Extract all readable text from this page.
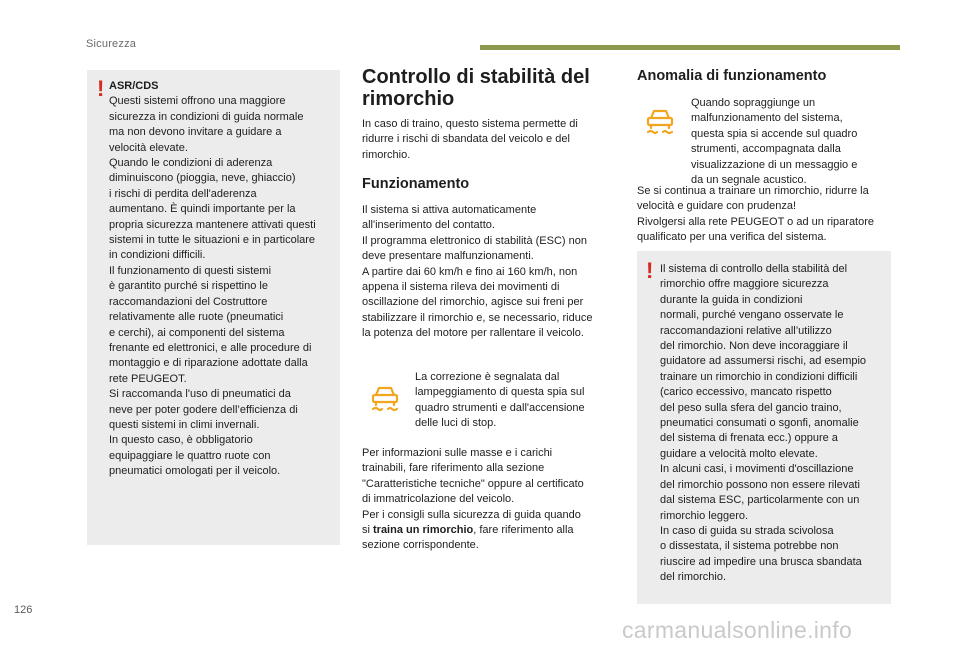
Sicurezza
! ASR/CDS
Questi sistemi offrono una maggiore
sicurezza in condizioni di guida normale
ma non devono invitare a guidare a
velocità elevate.
Quando le condizioni di aderenza
diminuiscono (pioggia, neve, ghiaccio)
i rischi di perdita dell'aderenza
aumentano. È quindi importante per la
propria sicurezza mantenere attivati questi
sistemi in tutte le situazioni e in particolare
in condizioni difficili.
Il funzionamento di questi sistemi
è garantito purché si rispettino le
raccomandazioni del Costruttore
relativamente alle ruote (pneumatici
e cerchi), ai componenti del sistema
frenante ed elettronici, e alle procedure di
montaggio e di riparazione adottate dalla
rete PEUGEOT.
Si raccomanda l'uso di pneumatici da
neve per poter godere dell’efficienza di
questi sistemi in climi invernali.
In questo caso, è obbligatorio
equipaggiare le quattro ruote con
pneumatici omologati per il veicolo.
Controllo di stabilità del
rimorchio
In caso di traino, questo sistema permette di
ridurre i rischi di sbandata del veicolo e del
rimorchio.
Funzionamento
Il sistema si attiva automaticamente
all'inserimento del contatto.
Il programma elettronico di stabilità (ESC) non
deve presentare malfunzionamenti.
A partire dai 60 km/h e fino ai 160 km/h, non
appena il sistema rileva dei movimenti di
oscillazione del rimorchio, agisce sui freni per
stabilizzare il rimorchio e, se necessario, riduce
la potenza del motore per rallentare il veicolo.
La correzione è segnalata dal
lampeggiamento di questa spia sul
quadro strumenti e dall'accensione
delle luci di stop.
Per informazioni sulle masse e i carichi
trainabili, fare riferimento alla sezione
"Caratteristiche tecniche" oppure al certificato
di immatricolazione del veicolo.
Per i consigli sulla sicurezza di guida quando
si traina un rimorchio, fare riferimento alla
sezione corrispondente.
Anomalia di funzionamento
Quando sopraggiunge un
malfunzionamento del sistema,
questa spia si accende sul quadro
strumenti, accompagnata dalla
visualizzazione di un messaggio e
da un segnale acustico.
Se si continua a trainare un rimorchio, ridurre la
velocità e guidare con prudenza!
Rivolgersi alla rete PEUGEOT o ad un riparatore
qualificato per una verifica del sistema.
! Il sistema di controllo della stabilità del
rimorchio offre maggiore sicurezza
durante la guida in condizioni
normali, purché vengano osservate le
raccomandazioni relative all’utilizzo
del rimorchio. Non deve incoraggiare il
guidatore ad assumersi rischi, ad esempio
trainare un rimorchio in condizioni difficili
(carico eccessivo, mancato rispetto
del peso sulla sfera del gancio traino,
pneumatici consumati o sgonfi, anomalie
del sistema di frenata ecc.) oppure a
guidare a velocità molto elevate.
In alcuni casi, i movimenti d'oscillazione
del rimorchio possono non essere rilevati
dal sistema ESC, particolarmente con un
rimorchio leggero.
In caso di guida su strada scivolosa
o dissestata, il sistema potrebbe non
riuscire ad impedire una brusca sbandata
del rimorchio.
126
carmanualsonline.info
